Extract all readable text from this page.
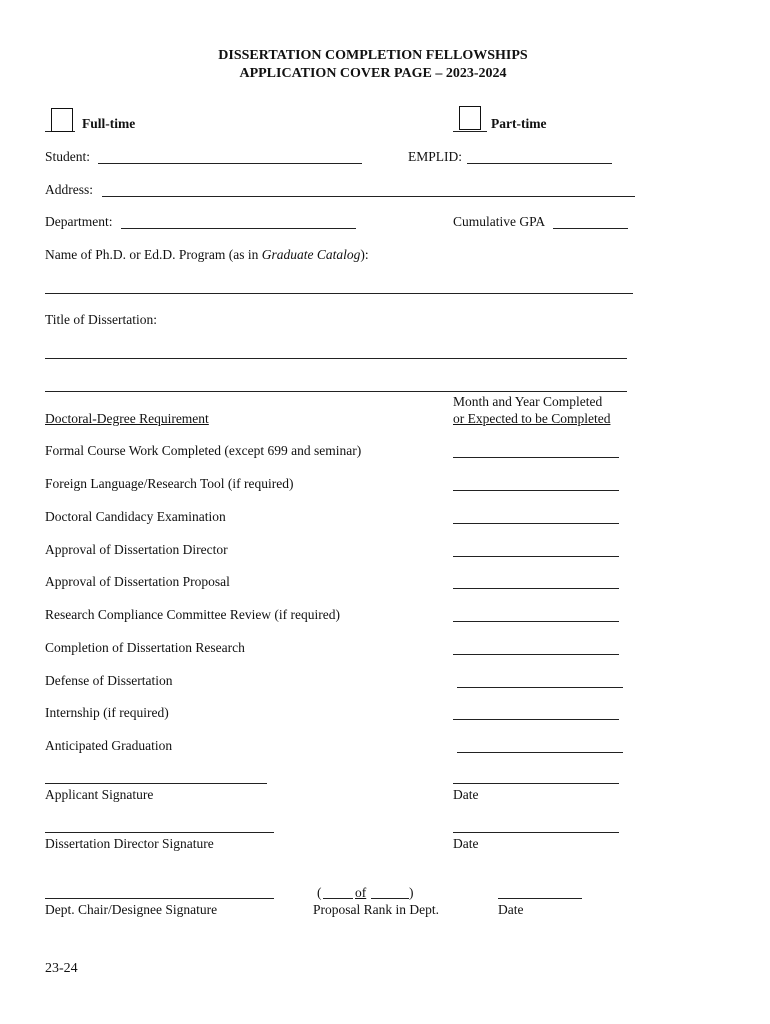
DISSERTATION COMPLETION FELLOWSHIPS
APPLICATION COVER PAGE – 2023-2024
Full-time	Part-time
Student:	EMPLID:
Address:
Department:	Cumulative GPA
Name of Ph.D. or Ed.D. Program (as in Graduate Catalog):
Title of Dissertation:
Doctoral-Degree Requirement
Month and Year Completed
or Expected to be Completed
Formal Course Work Completed (except 699 and seminar)
Foreign Language/Research Tool (if required)
Doctoral Candidacy Examination
Approval of Dissertation Director
Approval of Dissertation Proposal
Research Compliance Committee Review (if required)
Completion of Dissertation Research
Defense of Dissertation
Internship (if required)
Anticipated Graduation
Applicant Signature	Date
Dissertation Director Signature	Date
Dept. Chair/Designee Signature
( of	)
Proposal Rank in Dept.	Date
23-24
